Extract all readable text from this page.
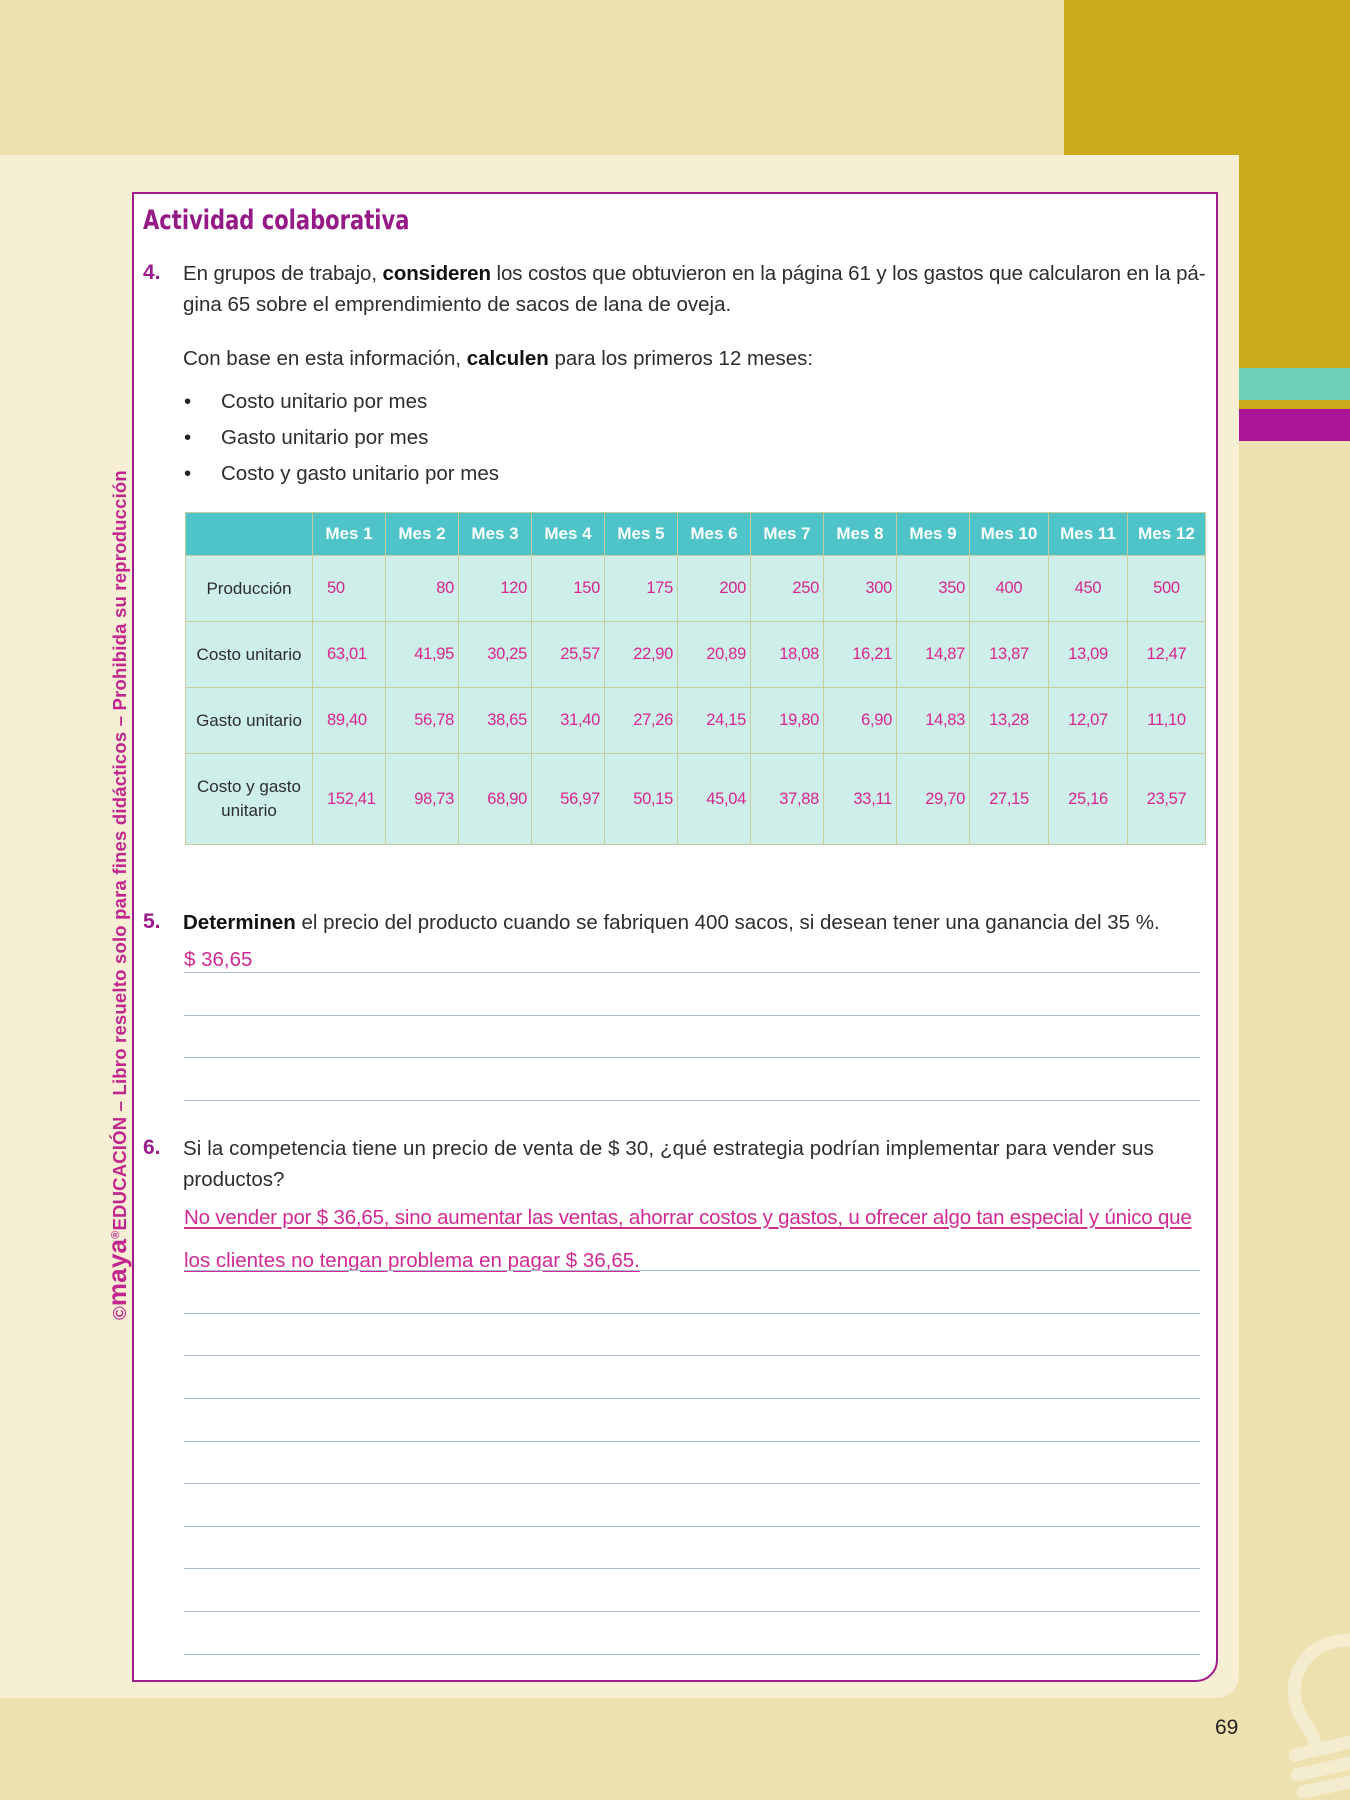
©maya®EDUCACIÓN – Libro resuelto solo para fines didácticos – Prohibida su reproducción
Actividad colaborativa
4. En grupos de trabajo, consideren los costos que obtuvieron en la página 61 y los gastos que calcularon en la pá-
gina 65 sobre el emprendimiento de sacos de lana de oveja.
Con base en esta información, calculen para los primeros 12 meses:
• Costo unitario por mes
• Gasto unitario por mes
• Costo y gasto unitario por mes
	Mes 1	Mes 2	Mes 3	Mes 4	Mes 5	Mes 6	Mes 7	Mes 8	Mes 9	Mes 10	Mes 11	Mes 12
Producción	50	80	120	150	175	200	250	300	350	400	450	500
Costo unitario	63,01	41,95	30,25	25,57	22,90	20,89	18,08	16,21	14,87	13,87	13,09	12,47
Gasto unitario	89,40	56,78	38,65	31,40	27,26	24,15	19,80	6,90	14,83	13,28	12,07	11,10
Costo y gasto
unitario	152,41	98,73	68,90	56,97	50,15	45,04	37,88	33,11	29,70	27,15	25,16	23,57
5. Determinen el precio del producto cuando se fabriquen 400 sacos, si desean tener una ganancia del 35 %.
$ 36,65
6. Si la competencia tiene un precio de venta de $ 30, ¿qué estrategia podrían implementar para vender sus
productos?
No vender por $ 36,65, sino aumentar las ventas, ahorrar costos y gastos, u ofrecer algo tan especial y único que
los clientes no tengan problema en pagar $ 36,65.
69
